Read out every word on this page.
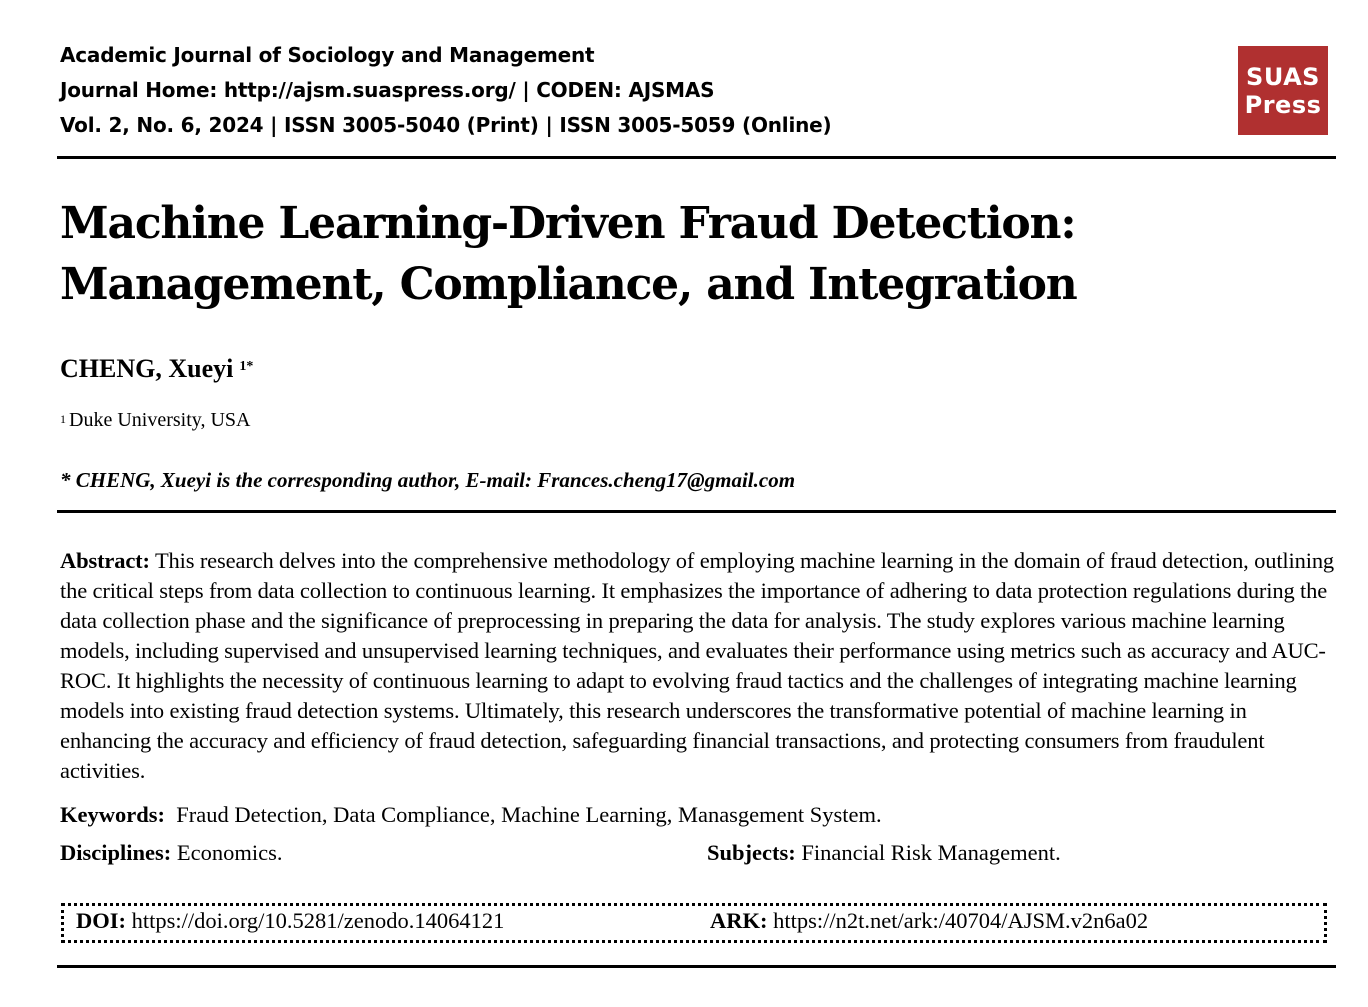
Academic Journal of Sociology and Management
Journal Home: http://ajsm.suaspress.org/ | CODEN: AJSMAS
Vol. 2, No. 6, 2024 | ISSN 3005-5040 (Print) | ISSN 3005-5059 (Online)
SUAS
Press
Machine Learning-Driven Fraud Detection: Management, Compliance, and Integration
CHENG, Xueyi $^{1*}$
$^1$ Duke University, USA
* CHENG, Xueyi is the corresponding author, E-mail: Frances.cheng17@gmail.com

Abstract: This research delves into the comprehensive methodology of employing machine learning in the domain of fraud detection, outlining the critical steps from data collection to continuous learning. It emphasizes the importance of adhering to data protection regulations during the data collection phase and the significance of preprocessing in preparing the data for analysis. The study explores various machine learning models, including supervised and unsupervised learning techniques, and evaluates their performance using metrics such as accuracy and AUC-ROC. It highlights the necessity of continuous learning to adapt to evolving fraud tactics and the challenges of integrating machine learning models into existing fraud detection systems. Ultimately, this research underscores the transformative potential of machine learning in enhancing the accuracy and efficiency of fraud detection, safeguarding financial transactions, and protecting consumers from fraudulent activities.

Keywords: Fraud Detection, Data Compliance, Machine Learning, Manasgement System.
Disciplines: Economics.	Subjects: Financial Risk Management.
DOI: https://doi.org/10.5281/zenodo.14064121	ARK: https://n2t.net/ark:/40704/AJSM.v2n6a02
